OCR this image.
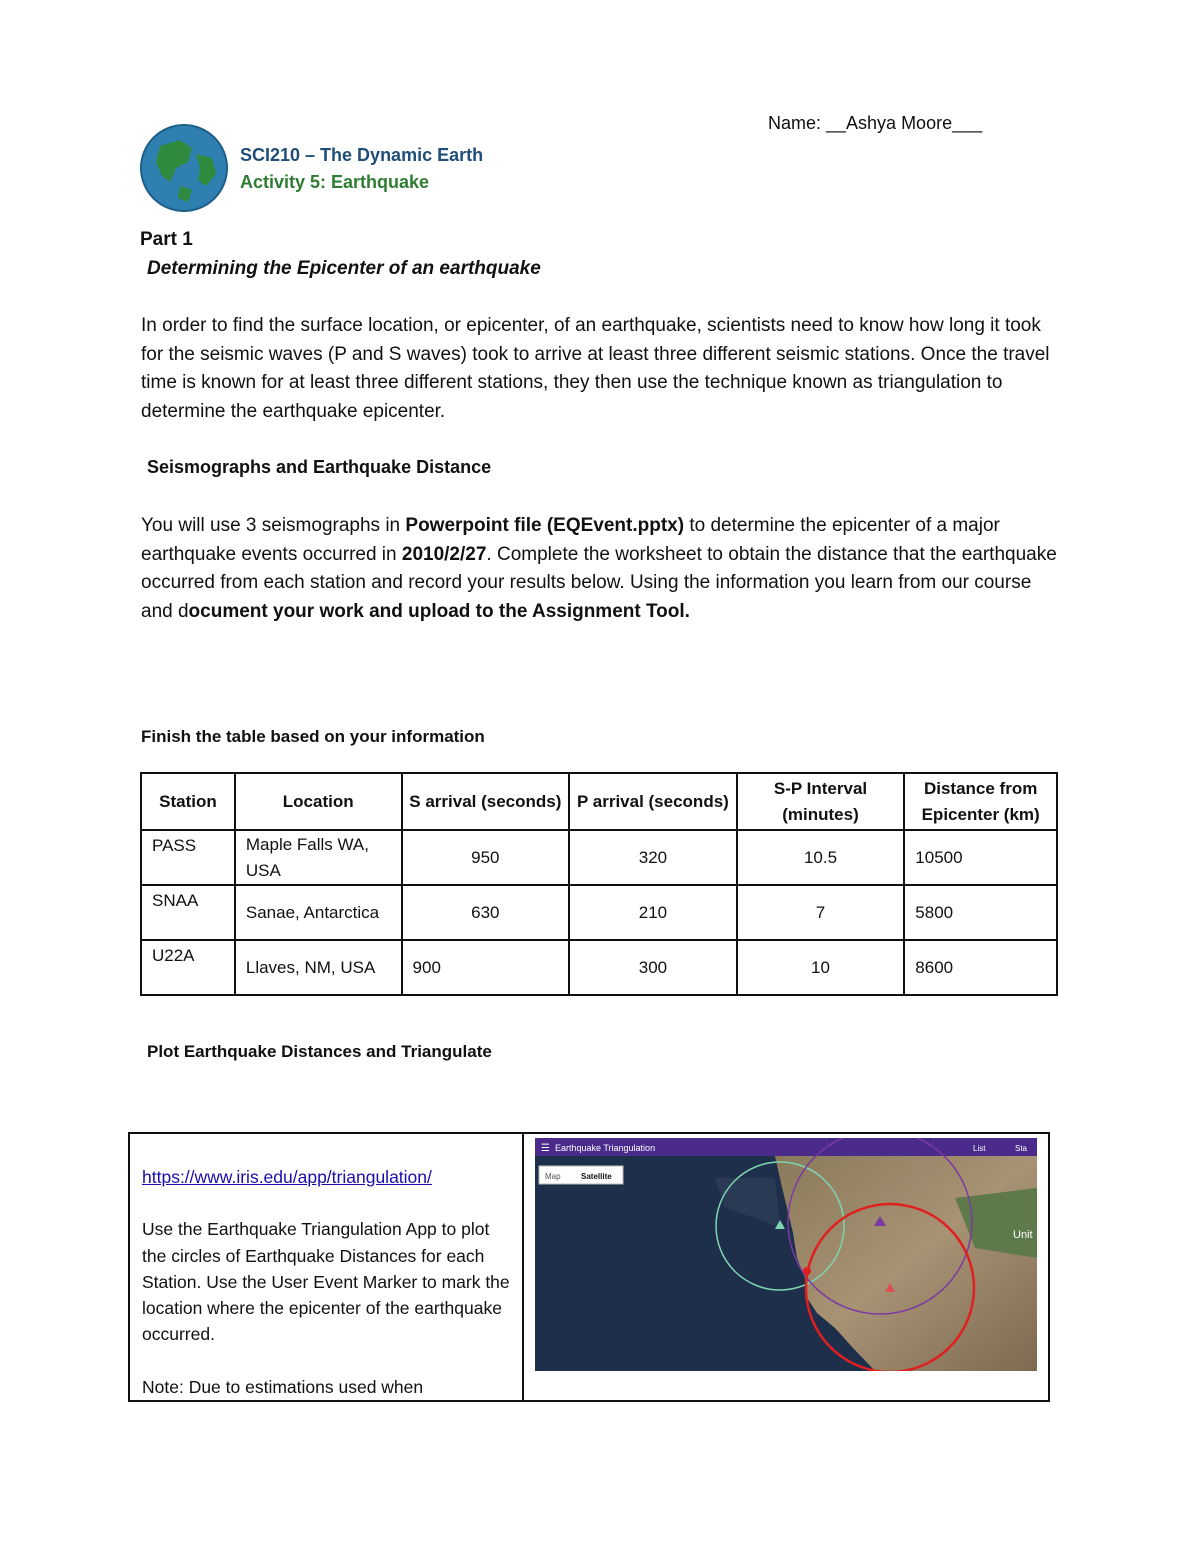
Name: __Ashya Moore___
SCI210 – The Dynamic Earth
Activity 5: Earthquake
Part 1
Determining the Epicenter of an earthquake
In order to find the surface location, or epicenter, of an earthquake, scientists need to know how long it took for the seismic waves (P and S waves) took to arrive at least three different seismic stations. Once the travel time is known for at least three different stations, they then use the technique known as triangulation to determine the earthquake epicenter.
Seismographs and Earthquake Distance
You will use 3 seismographs in Powerpoint file (EQEvent.pptx) to determine the epicenter of a major earthquake events occurred in 2010/2/27. Complete the worksheet to obtain the distance that the earthquake occurred from each station and record your results below. Using the information you learn from our course and document your work and upload to the Assignment Tool.
Finish the table based on your information
Station	Location	S arrival (seconds)	P arrival (seconds)	S-P Interval (minutes)	Distance from Epicenter (km)
PASS	Maple Falls WA, USA	950	320	10.5	10500
SNAA	Sanae, Antarctica	630	210	7	5800
U22A	Llaves, NM, USA	900	300	10	8600
Plot Earthquake Distances and Triangulate

https://www.iris.edu/app/triangulation/

Use the Earthquake Triangulation App to plot the circles of Earthquake Distances for each Station. Use the User Event Marker to mark the location where the epicenter of the earthquake occurred.

Note: Due to estimations used when

☰ Earthquake Triangulation	List	Sta
Map	Satellite
Unit
